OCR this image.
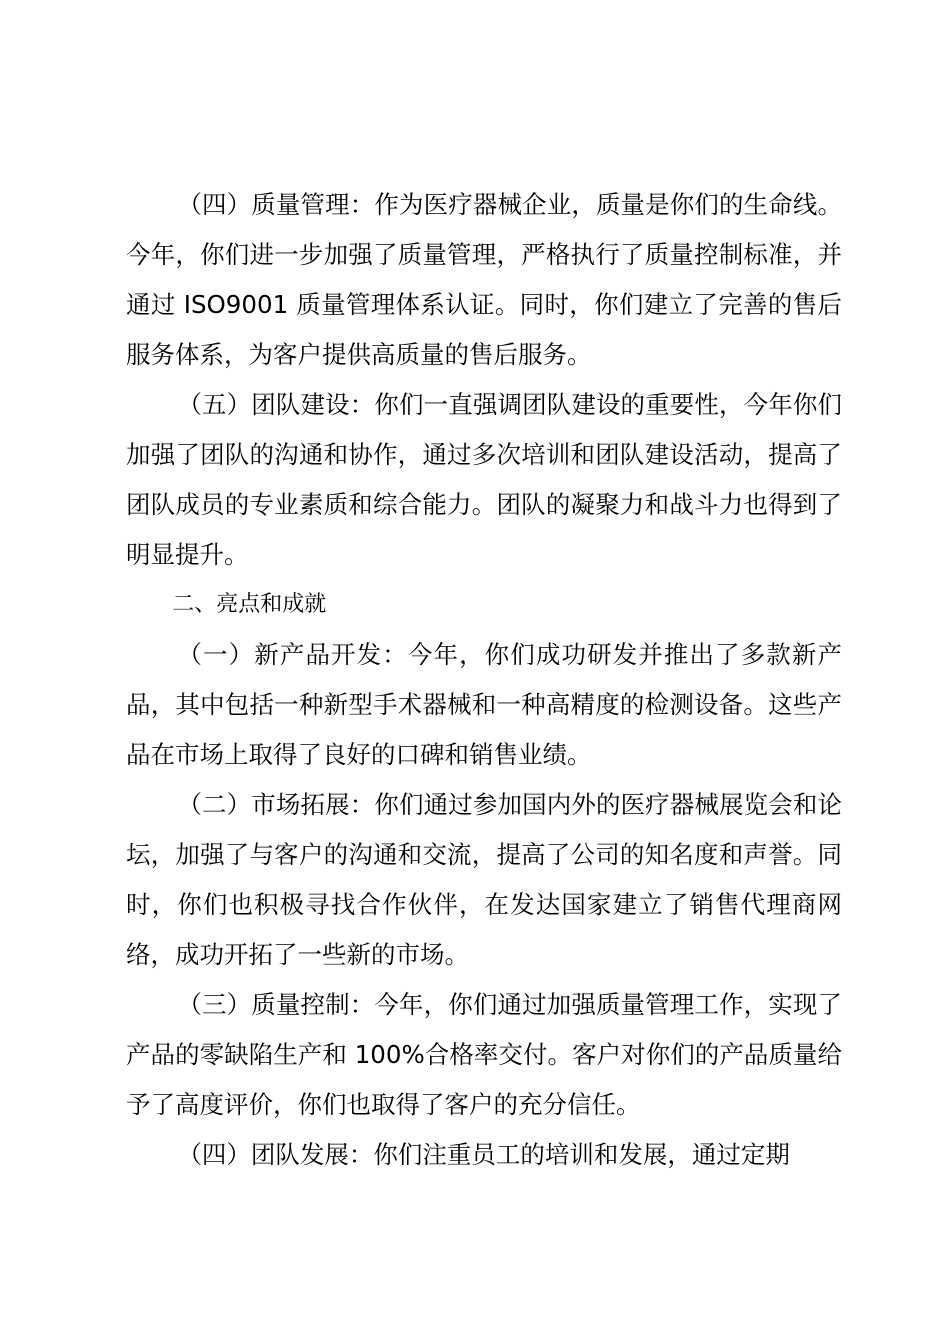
（四）质量管理：作为医疗器械企业，质量是你们的生命线。今年，你们进一步加强了质量管理，严格执行了质量控制标准，并通过 ISO9001 质量管理体系认证。同时，你们建立了完善的售后服务体系，为客户提供高质量的售后服务。

（五）团队建设：你们一直强调团队建设的重要性，今年你们加强了团队的沟通和协作，通过多次培训和团队建设活动，提高了团队成员的专业素质和综合能力。团队的凝聚力和战斗力也得到了明显提升。

二、亮点和成就

（一）新产品开发：今年，你们成功研发并推出了多款新产品，其中包括一种新型手术器械和一种高精度的检测设备。这些产品在市场上取得了良好的口碑和销售业绩。

（二）市场拓展：你们通过参加国内外的医疗器械展览会和论坛，加强了与客户的沟通和交流，提高了公司的知名度和声誉。同时，你们也积极寻找合作伙伴，在发达国家建立了销售代理商网络，成功开拓了一些新的市场。

（三）质量控制：今年，你们通过加强质量管理工作，实现了产品的零缺陷生产和 100%合格率交付。客户对你们的产品质量给予了高度评价，你们也取得了客户的充分信任。

（四）团队发展：你们注重员工的培训和发展，通过定期
